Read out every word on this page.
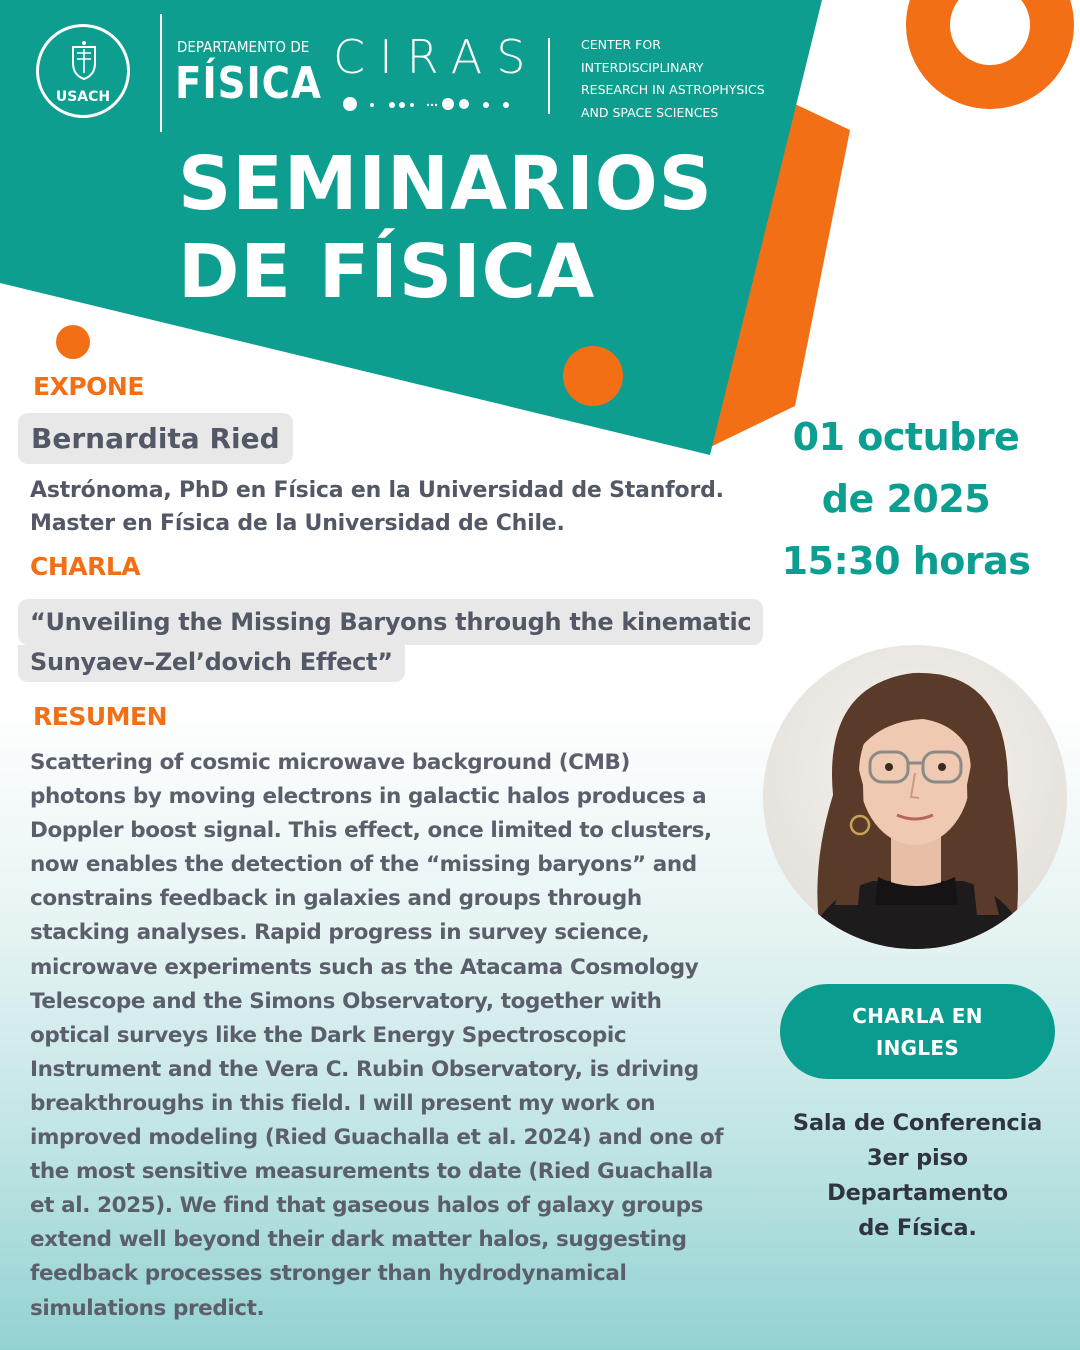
USACH
DEPARTAMENTO DE
FÍSICA CIRAS	CENTER FOR
INTERDISCIPLINARY
RESEARCH IN ASTROPHYSICS
AND SPACE SCIENCES
SEMINARIOS
DE FÍSICA
EXPONE
Bernardita Ried
Astrónoma, PhD en Física en la Universidad de Stanford.
Master en Física de la Universidad de Chile.
CHARLA
“Unveiling the Missing Baryons through the kinematic
Sunyaev–Zel’dovich Effect”
RESUMEN
Scattering of cosmic microwave background (CMB)
photons by moving electrons in galactic halos produces a
Doppler boost signal. This effect, once limited to clusters,
now enables the detection of the “missing baryons” and
constrains feedback in galaxies and groups through
stacking analyses. Rapid progress in survey science,
microwave experiments such as the Atacama Cosmology
Telescope and the Simons Observatory, together with
optical surveys like the Dark Energy Spectroscopic
Instrument and the Vera C. Rubin Observatory, is driving
breakthroughs in this field. I will present my work on
improved modeling (Ried Guachalla et al. 2024) and one of
the most sensitive measurements to date (Ried Guachalla
et al. 2025). We find that gaseous halos of galaxy groups
extend well beyond their dark matter halos, suggesting
feedback processes stronger than hydrodynamical
simulations predict.
01 octubre
de 2025
15:30 horas
CHARLA EN
INGLES
Sala de Conferencia
3er piso
Departamento
de Física.
